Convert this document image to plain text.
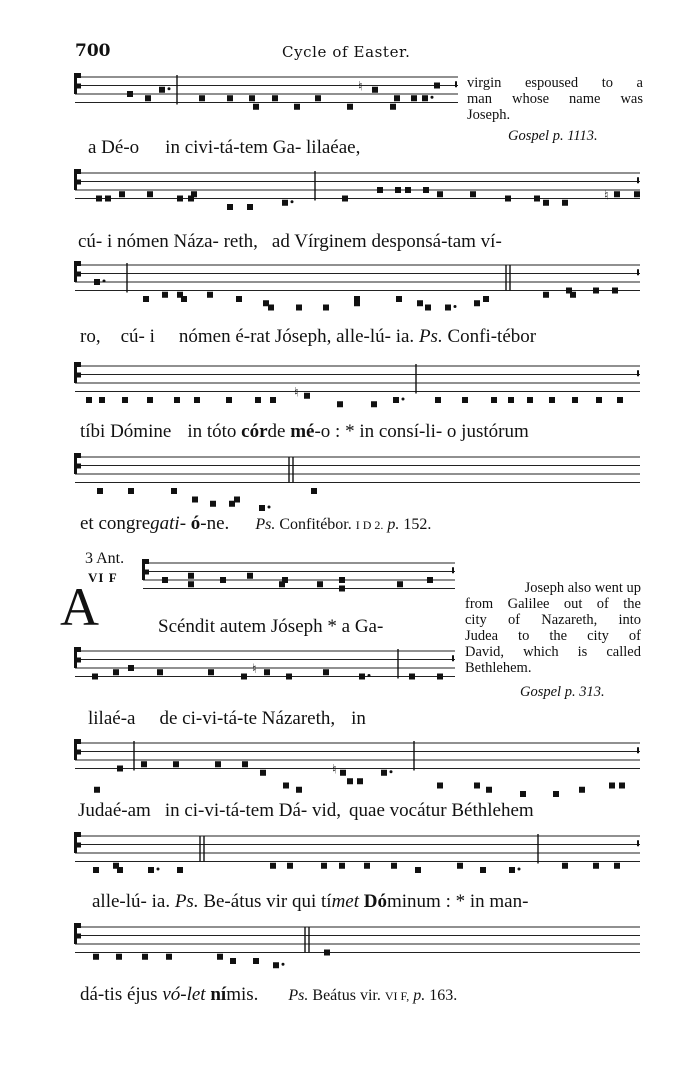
700	Cycle of Easter.
♮	virgin espoused to a
man whose name was
Joseph.
Gospel p. 1113.
a Dé-o in civi-tá-tem Ga- lilaéae,
♮
cú- i nómen Náza- reth, ad Vírginem desponsá-tam ví-
ro, cú- i nómen é-rat Jóseph, alle-lú- ia. Ps. Confi-tébor
♮
tíbi Dómine in tóto córde mé-o : * in consí-li- o justórum
et congregati- ó-ne. Ps. Confitébor. I D 2. p. 152.
3 Ant.
VI F
A	Scéndit autem Jóseph * a Ga-
Joseph also went up
from Galilee out of the
city of Nazareth, into
Judea to the city of
David, which is called
Bethlehem.
Gospel p. 313.
♮
lilaé-a de ci-vi-tá-te Názareth, in
♮
Judaé-am in ci-vi-tá-tem Dá- vid, quae vocátur Béthlehem
alle-lú- ia. Ps. Be-átus vir qui tímet Dóminum : * in man-
dá-tis éjus vó-let nímis. Ps. Beátus vir. VI F, p. 163.
